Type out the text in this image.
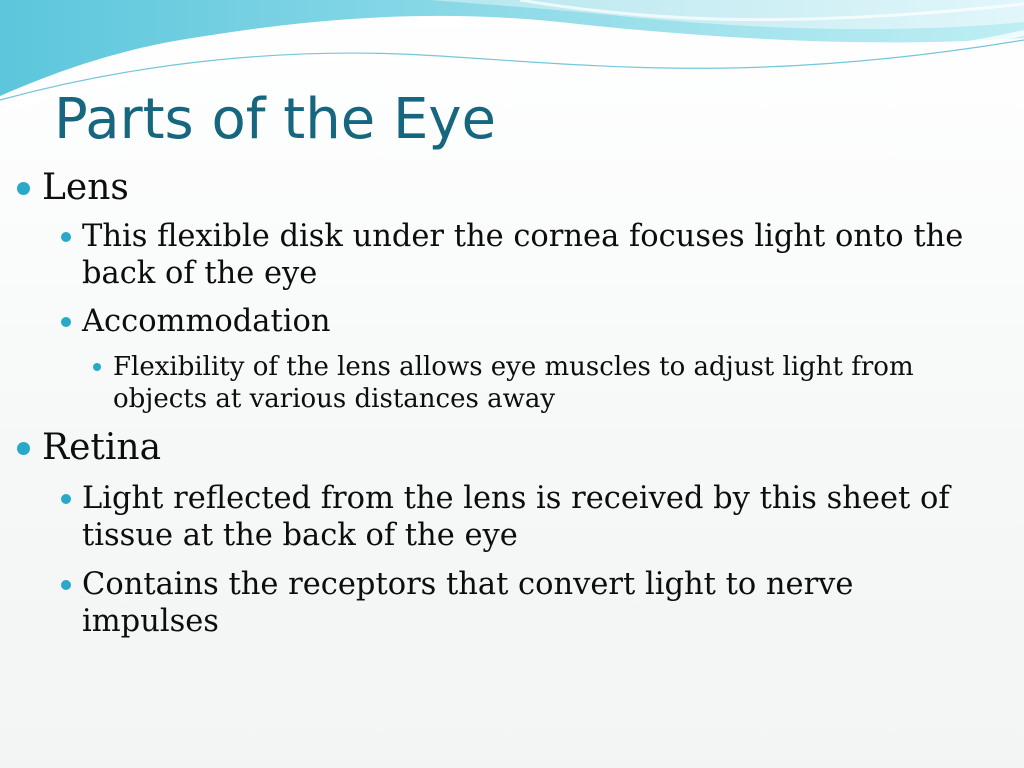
Parts of the Eye
Lens
This flexible disk under the cornea focuses light onto the back of the eye
Accommodation
Flexibility of the lens allows eye muscles to adjust light from objects at various distances away
Retina
Light reflected from the lens is received by this sheet of tissue at the back of the eye
Contains the receptors that convert light to nerve impulses
